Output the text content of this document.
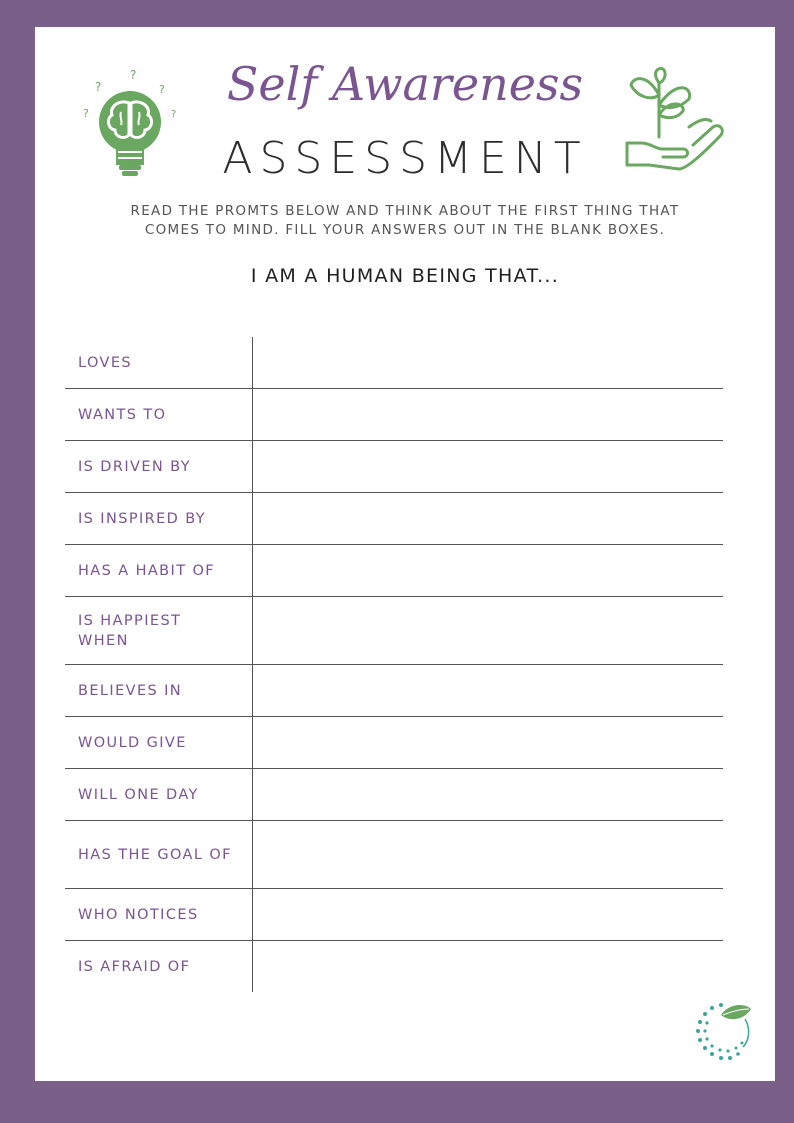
?
?
?
?
?
Self Awareness
ASSESSMENT
READ THE PROMTS BELOW AND THINK ABOUT THE FIRST THING THAT
COMES TO MIND. FILL YOUR ANSWERS OUT IN THE BLANK BOXES.
I AM A HUMAN BEING THAT...
LOVES
WANTS TO
IS DRIVEN BY
IS INSPIRED BY
HAS A HABIT OF
IS HAPPIEST WHEN
BELIEVES IN
WOULD GIVE
WILL ONE DAY
HAS THE GOAL OF
WHO NOTICES
IS AFRAID OF
